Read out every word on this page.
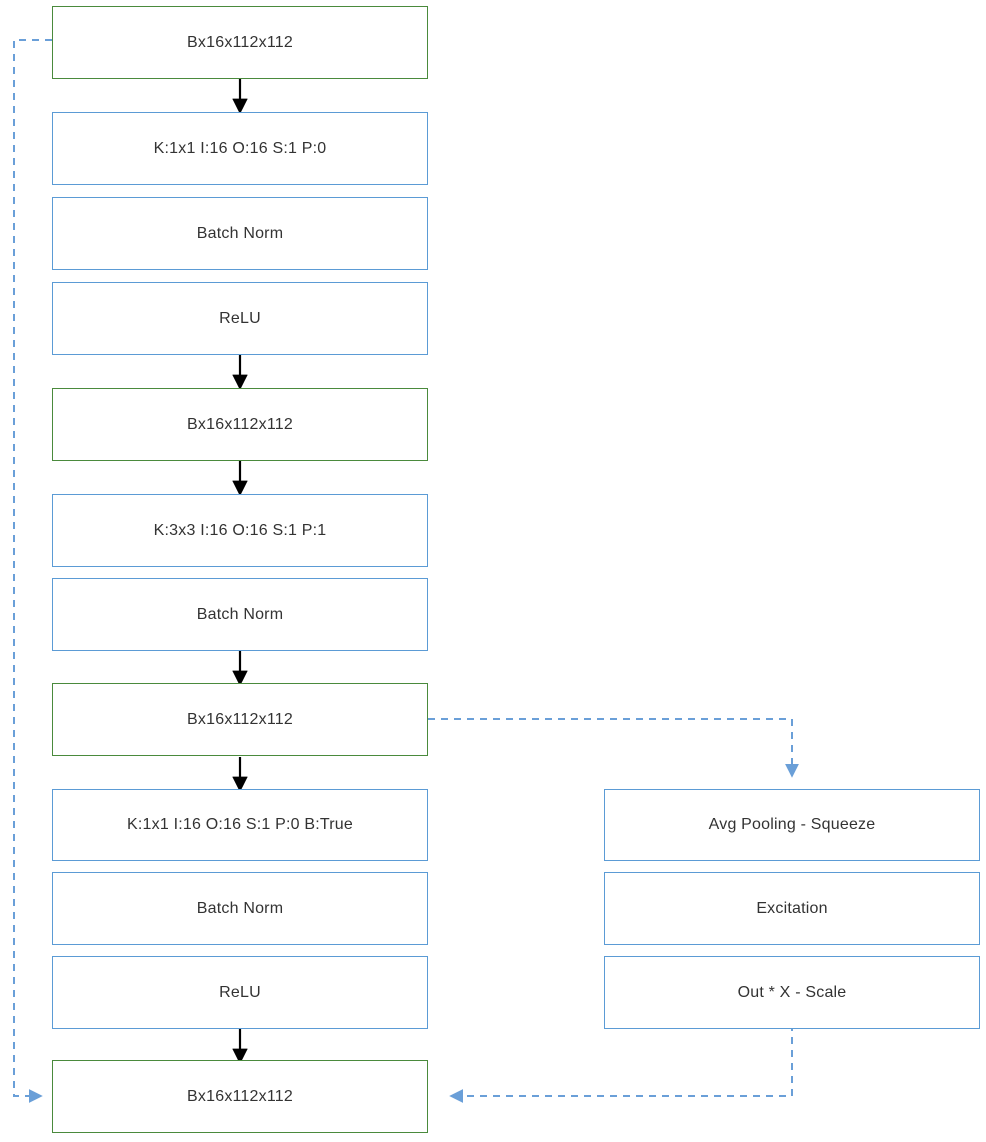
Bx16x112x112
K:1x1 I:16 O:16 S:1 P:0
Batch Norm
ReLU
Bx16x112x112
K:3x3 I:16 O:16 S:1 P:1
Batch Norm
Bx16x112x112
K:1x1 I:16 O:16 S:1 P:0 B:True
Batch Norm
ReLU
Bx16x112x112
Avg Pooling - Squeeze
Excitation
Out * X - Scale
